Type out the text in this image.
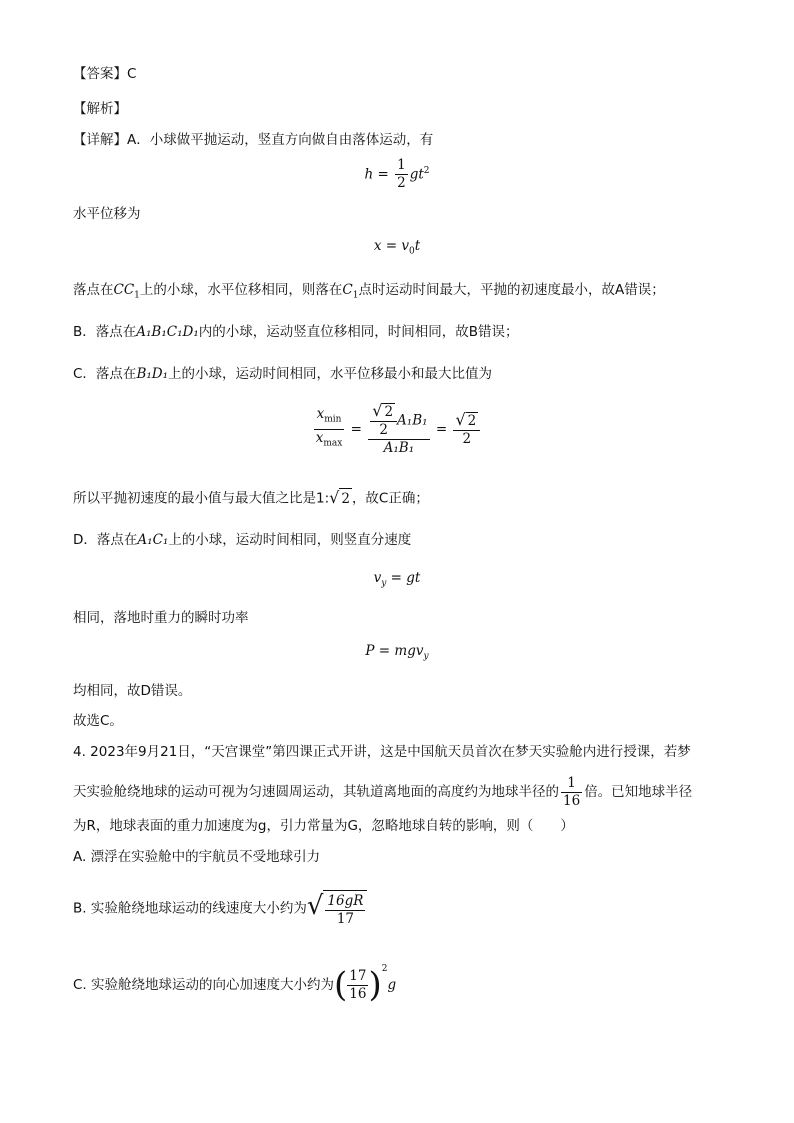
【答案】C
【解析】
【详解】A．小球做平抛运动，竖直方向做自由落体运动，有
$h = \frac{1}{2} gt^2$
水平位移为
$x = v_0t$
落点在$CC_1$上的小球，水平位移相同，则落在$C_1$点时运动时间最大，平抛的初速度最小，故A错误；
B．落点在A₁B₁C₁D₁内的小球，运动竖直位移相同，时间相同，故B错误；
C．落点在B₁D₁上的小球，运动时间相同，水平位移最小和最大比值为
$\frac{x_{min}}{x_{max}} = \frac{\frac{√ 2}{2} A_1B_1}{\text{A₁B₁}} = \frac{√ 2}{2}$
所以平抛初速度的最小值与最大值之比是1:√ 2 ，故C正确；
D．落点在A₁C₁上的小球，运动时间相同，则竖直分速度
$v_y$ = gt
相同，落地时重力的瞬时功率
P = mgv$_y$
均相同，故D错误。
故选C。
4. 2023年9月21日，“天宫课堂”第四课正式开讲，这是中国航天员首次在梦天实验舱内进行授课，若梦
天实验舱绕地球的运动可视为匀速圆周运动，其轨道离地面的高度约为地球半径的 $\frac{1}{16}$ 倍。已知地球半径
为R，地球表面的重力加速度为g，引力常量为G，忽略地球自转的影响，则（　　）
A. 漂浮在实验舱中的宇航员不受地球引力
B. 实验舱绕地球运动的线速度大小约为√ $\frac{16gR}{17}$
C. 实验舱绕地球运动的向心加速度大小约为( $\frac{17}{16} )^2g$
